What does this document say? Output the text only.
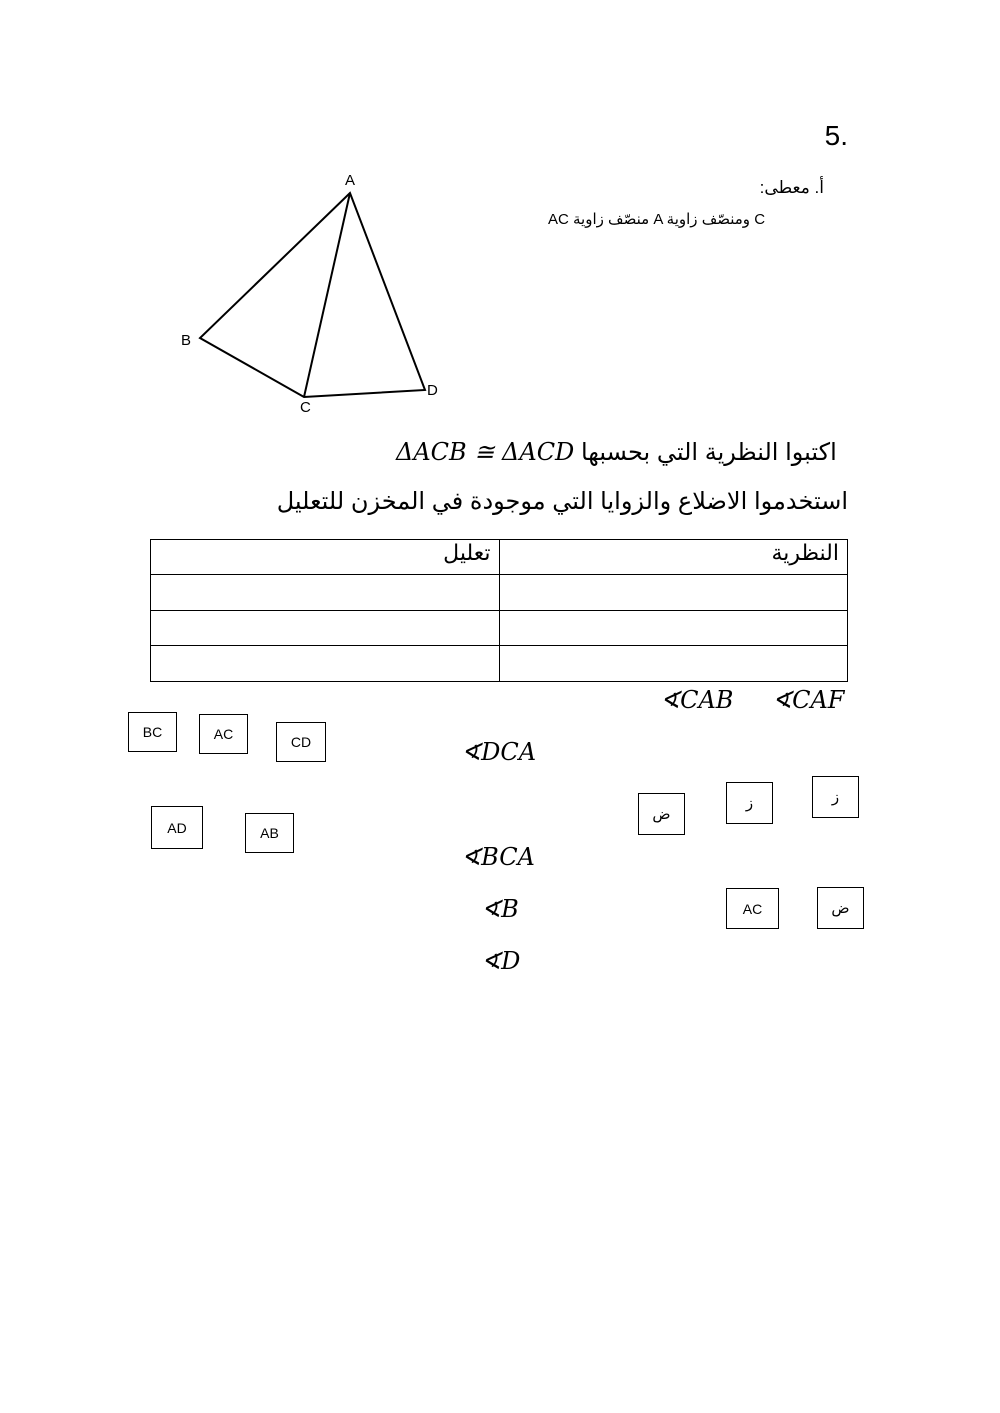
5.
أ. معطى:
AC منصّف زاوية A ومنصّف زاوية C
A
B
C
D
ΔACB ≅ ΔACD اكتبوا النظرية التي بحسبها
استخدموا الاضلاع والزوايا التي موجودة في المخزن للتعليل
تعليل	النظرية

∢CAB ∢CAF
∢DCA
∢BCA
∢B
∢D
BC	AC	CD
AD	AB
AC
ض
ز	ز
ض
